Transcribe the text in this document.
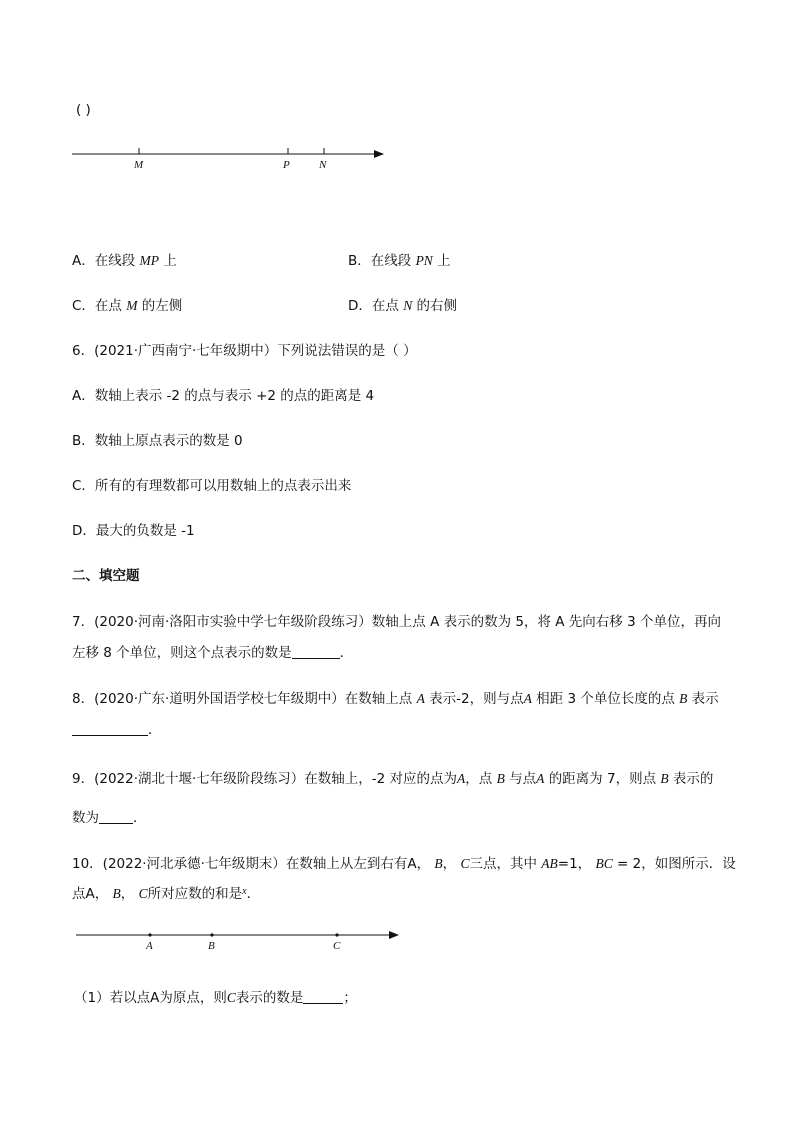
( )
M	P	N
A．在线段 MP 上	B．在线段 PN 上
C．在点 M 的左侧	D．在点 N 的右侧
6．(2021·广西南宁·七年级期中）下列说法错误的是（ ）
A．数轴上表示 -2 的点与表示 +2 的点的距离是 4
B．数轴上原点表示的数是 0
C．所有的有理数都可以用数轴上的点表示出来
D．最大的负数是 -1
二、填空题
7．(2020·河南·洛阳市实验中学七年级阶段练习）数轴上点 A 表示的数为 5，将 A 先向右移 3 个单位，再向
左移 8 个单位，则这个点表示的数是	．
8．(2020·广东·道明外国语学校七年级期中）在数轴上点 A 表示-2，则与点A 相距 3 个单位长度的点 B 表示
．
9．(2022·湖北十堰·七年级阶段练习）在数轴上，-2 对应的点为A，点 B 与点A 的距离为 7，则点 B 表示的
数为	．
10．(2022·河北承德·七年级期末）在数轴上从左到右有A， B， C三点，其中 AB=1， BC = 2，如图所示．设
点A， B， C所对应数的和是$^x$．
A	B	C
（1）若以点A为原点，则C表示的数是	；
